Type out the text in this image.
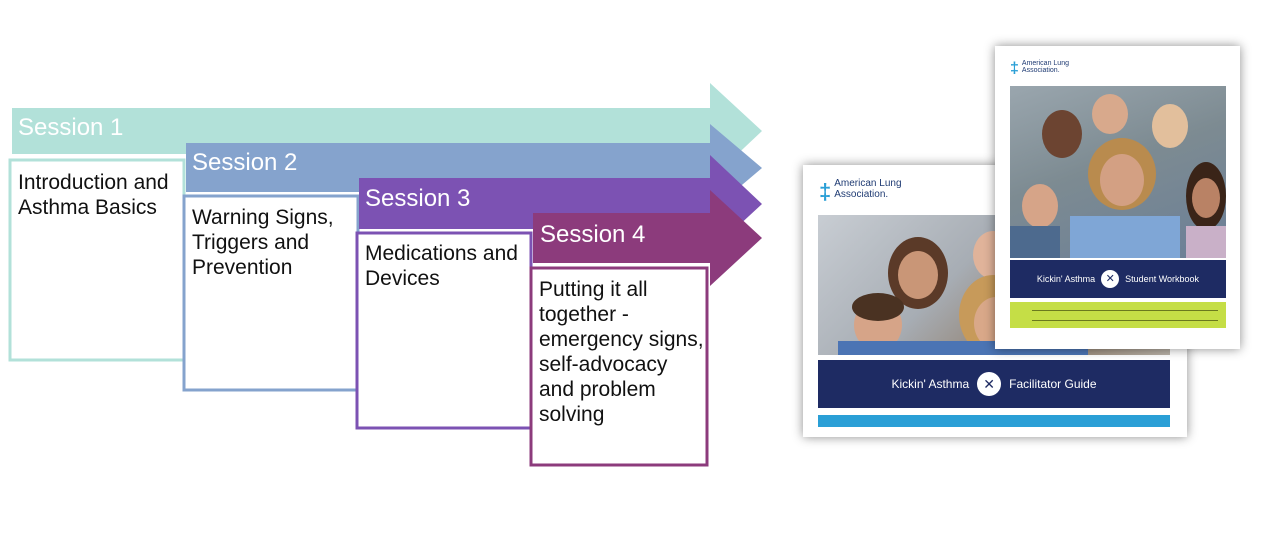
Session 1
Introduction and Asthma Basics
Session 2
Warning Signs, Triggers and Prevention
Session 3
Medications and Devices
Session 4
Putting it all together - emergency signs, self-advocacy and problem solving
‡ American Lung Association.
Kickin' Asthma	✕	Facilitator Guide
‡ American Lung Association.
Kickin' Asthma ✕	Student Workbook
